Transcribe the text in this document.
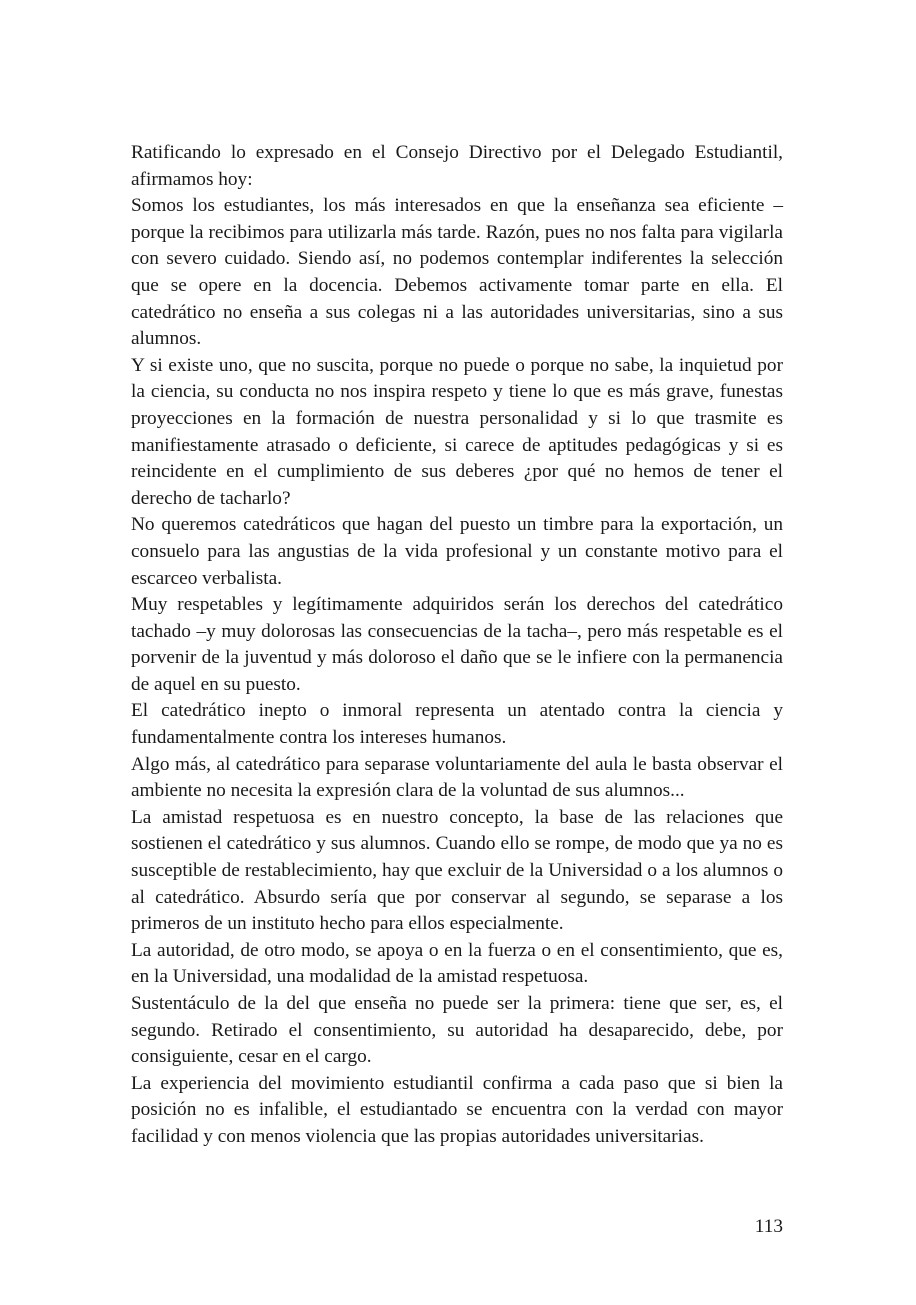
Ratificando lo expresado en el Consejo Directivo por el Delegado Estudiantil, afirmamos hoy:

Somos los estudiantes, los más interesados en que la enseñanza sea eficiente – porque la recibimos para utilizarla más tarde. Razón, pues no nos falta para vigilarla con severo cuidado. Siendo así, no podemos contemplar indiferentes la selección que se opere en la docencia. Debemos activamente tomar parte en ella. El catedrático no enseña a sus colegas ni a las autoridades universitarias, sino a sus alumnos.

Y si existe uno, que no suscita, porque no puede o porque no sabe, la inquietud por la ciencia, su conducta no nos inspira respeto y tiene lo que es más grave, funestas proyecciones en la formación de nuestra personalidad y si lo que trasmite es manifiestamente atrasado o deficiente, si carece de aptitudes pedagógicas y si es reincidente en el cumplimiento de sus deberes ¿por qué no hemos de tener el derecho de tacharlo?

No queremos catedráticos que hagan del puesto un timbre para la exportación, un consuelo para las angustias de la vida profesional y un constante motivo para el escarceo verbalista.

Muy respetables y legítimamente adquiridos serán los derechos del catedrático tachado –y muy dolorosas las consecuencias de la tacha–, pero más respetable es el porvenir de la juventud y más doloroso el daño que se le infiere con la permanencia de aquel en su puesto.

El catedrático inepto o inmoral representa un atentado contra la ciencia y fundamentalmente contra los intereses humanos.

Algo más, al catedrático para separase voluntariamente del aula le basta observar el ambiente no necesita la expresión clara de la voluntad de sus alumnos...

La amistad respetuosa es en nuestro concepto, la base de las relaciones que sostienen el catedrático y sus alumnos. Cuando ello se rompe, de modo que ya no es susceptible de restablecimiento, hay que excluir de la Universidad o a los alumnos o al catedrático. Absurdo sería que por conservar al segundo, se separase a los primeros de un instituto hecho para ellos especialmente.

La autoridad, de otro modo, se apoya o en la fuerza o en el consentimiento, que es, en la Universidad, una modalidad de la amistad respetuosa.

Sustentáculo de la del que enseña no puede ser la primera: tiene que ser, es, el segundo. Retirado el consentimiento, su autoridad ha desaparecido, debe, por consiguiente, cesar en el cargo.

La experiencia del movimiento estudiantil confirma a cada paso que si bien la posición no es infalible, el estudiantado se encuentra con la verdad con mayor facilidad y con menos violencia que las propias autoridades universitarias.

113
